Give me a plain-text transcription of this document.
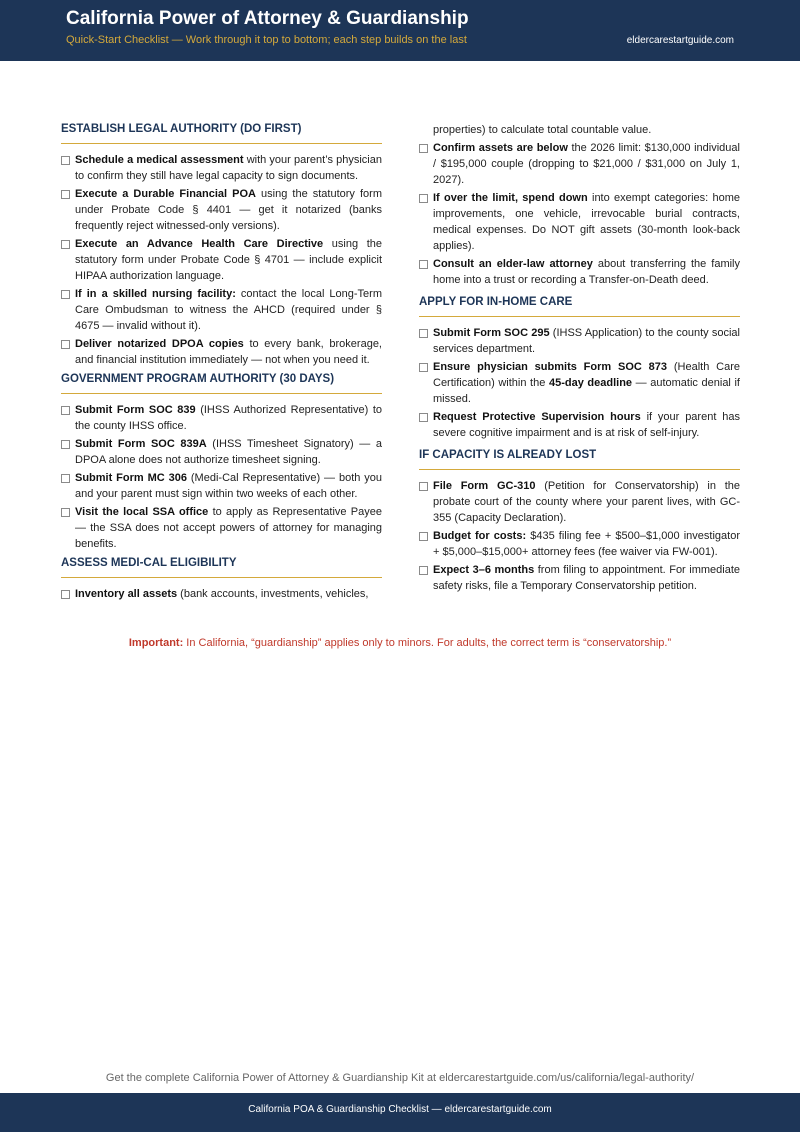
California Power of Attorney & Guardianship
Quick-Start Checklist — Work through it top to bottom; each step builds on the last	eldercarestartguide.com
ESTABLISH LEGAL AUTHORITY (DO FIRST)
Schedule a medical assessment with your parent’s physician to confirm they still have legal capacity to sign documents.
Execute a Durable Financial POA using the statutory form under Probate Code § 4401 — get it notarized (banks frequently reject witnessed-only versions).
Execute an Advance Health Care Directive using the statutory form under Probate Code § 4701 — include explicit HIPAA authorization language.
If in a skilled nursing facility: contact the local Long-Term Care Ombudsman to witness the AHCD (required under § 4675 — invalid without it).
Deliver notarized DPOA copies to every bank, brokerage, and financial institution immediately — not when you need it.
GOVERNMENT PROGRAM AUTHORITY (30 DAYS)
Submit Form SOC 839 (IHSS Authorized Representative) to the county IHSS office.
Submit Form SOC 839A (IHSS Timesheet Signatory) — a DPOA alone does not authorize timesheet signing.
Submit Form MC 306 (Medi-Cal Representative) — both you and your parent must sign within two weeks of each other.
Visit the local SSA office to apply as Representative Payee — the SSA does not accept powers of attorney for managing benefits.
ASSESS MEDI-CAL ELIGIBILITY
Inventory all assets (bank accounts, investments, vehicles,
properties) to calculate total countable value.
Confirm assets are below the 2026 limit: $130,000 individual / $195,000 couple (dropping to $21,000 / $31,000 on July 1, 2027).
If over the limit, spend down into exempt categories: home improvements, one vehicle, irrevocable burial contracts, medical expenses. Do NOT gift assets (30-month look-back applies).
Consult an elder-law attorney about transferring the family home into a trust or recording a Transfer-on-Death deed.
APPLY FOR IN-HOME CARE
Submit Form SOC 295 (IHSS Application) to the county social services department.
Ensure physician submits Form SOC 873 (Health Care Certification) within the 45-day deadline — automatic denial if missed.
Request Protective Supervision hours if your parent has severe cognitive impairment and is at risk of self-injury.
IF CAPACITY IS ALREADY LOST
File Form GC-310 (Petition for Conservatorship) in the probate court of the county where your parent lives, with GC-355 (Capacity Declaration).
Budget for costs: $435 filing fee + $500–$1,000 investigator + $5,000–$15,000+ attorney fees (fee waiver via FW-001).
Expect 3–6 months from filing to appointment. For immediate safety risks, file a Temporary Conservatorship petition.
Important: In California, “guardianship” applies only to minors. For adults, the correct term is “conservatorship.”
Get the complete California Power of Attorney & Guardianship Kit at eldercarestartguide.com/us/california/legal-authority/
California POA & Guardianship Checklist — eldercarestartguide.com
